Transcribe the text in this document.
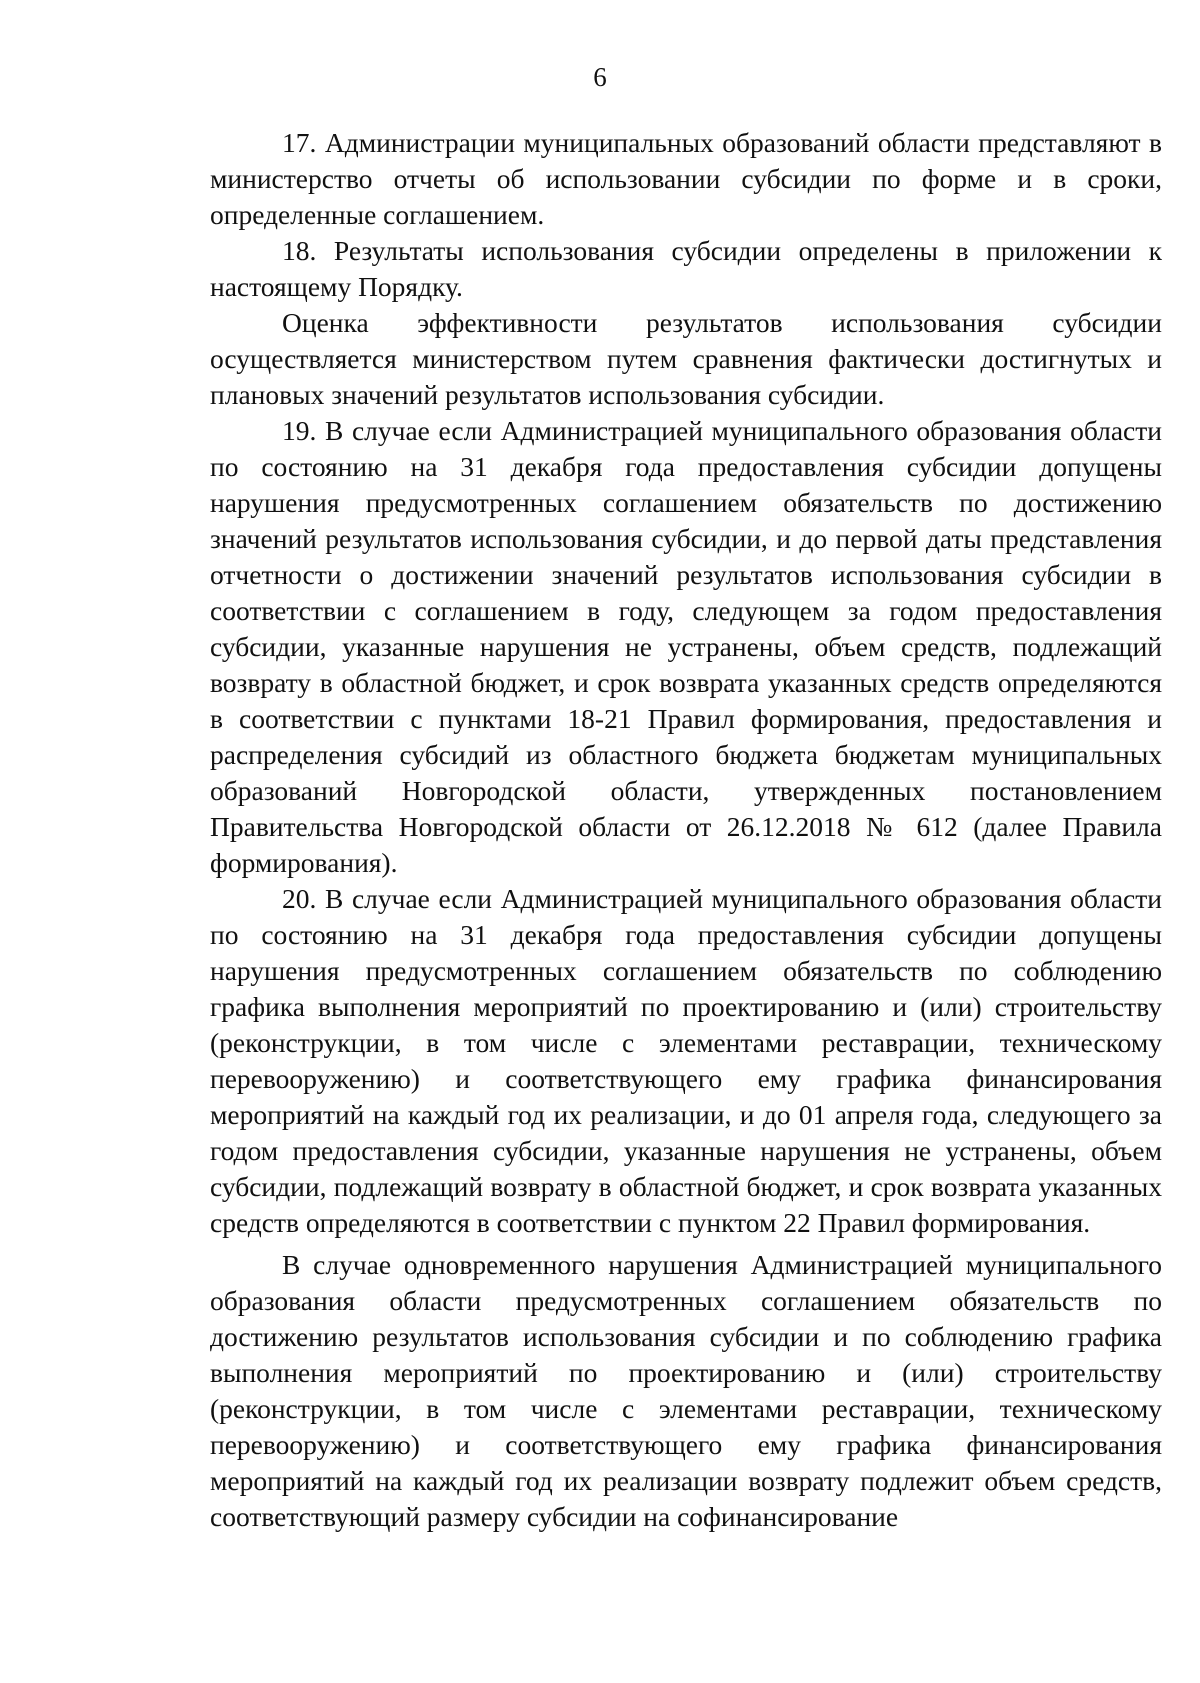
6

17. Администрации муниципальных образований области представляют в министерство отчеты об использовании субсидии по форме и в сроки, определенные соглашением.

18. Результаты использования субсидии определены в приложении к настоящему Порядку.

Оценка эффективности результатов использования субсидии осуществляется министерством путем сравнения фактически достигнутых и плановых значений результатов использования субсидии.

19. В случае если Администрацией муниципального образования области по состоянию на 31 декабря года предоставления субсидии допущены нарушения предусмотренных соглашением обязательств по достижению значений результатов использования субсидии, и до первой даты представления отчетности о достижении значений результатов использования субсидии в соответствии с соглашением в году, следующем за годом предоставления субсидии, указанные нарушения не устранены, объем средств, подлежащий возврату в областной бюджет, и срок возврата указанных средств определяются в соответствии с пунктами 18-21 Правил формирования, предоставления и распределения субсидий из областного бюджета бюджетам муниципальных образований Новгородской области, утвержденных постановлением Правительства Новгородской области от 26.12.2018 № 612 (далее Правила формирования).

20. В случае если Администрацией муниципального образования области по состоянию на 31 декабря года предоставления субсидии допущены нарушения предусмотренных соглашением обязательств по соблюдению графика выполнения мероприятий по проектированию и (или) строительству (реконструкции, в том числе с элементами реставрации, техническому перевооружению) и соответствующего ему графика финансирования мероприятий на каждый год их реализации, и до 01 апреля года, следующего за годом предоставления субсидии, указанные нарушения не устранены, объем субсидии, подлежащий возврату в областной бюджет, и срок возврата указанных средств определяются в соответствии с пунктом 22 Правил формирования.

В случае одновременного нарушения Администрацией муниципального образования области предусмотренных соглашением обязательств по достижению результатов использования субсидии и по соблюдению графика выполнения мероприятий по проектированию и (или) строительству (реконструкции, в том числе с элементами реставрации, техническому перевооружению) и соответствующего ему графика финансирования мероприятий на каждый год их реализации возврату подлежит объем средств, соответствующий размеру субсидии на софинансирование
